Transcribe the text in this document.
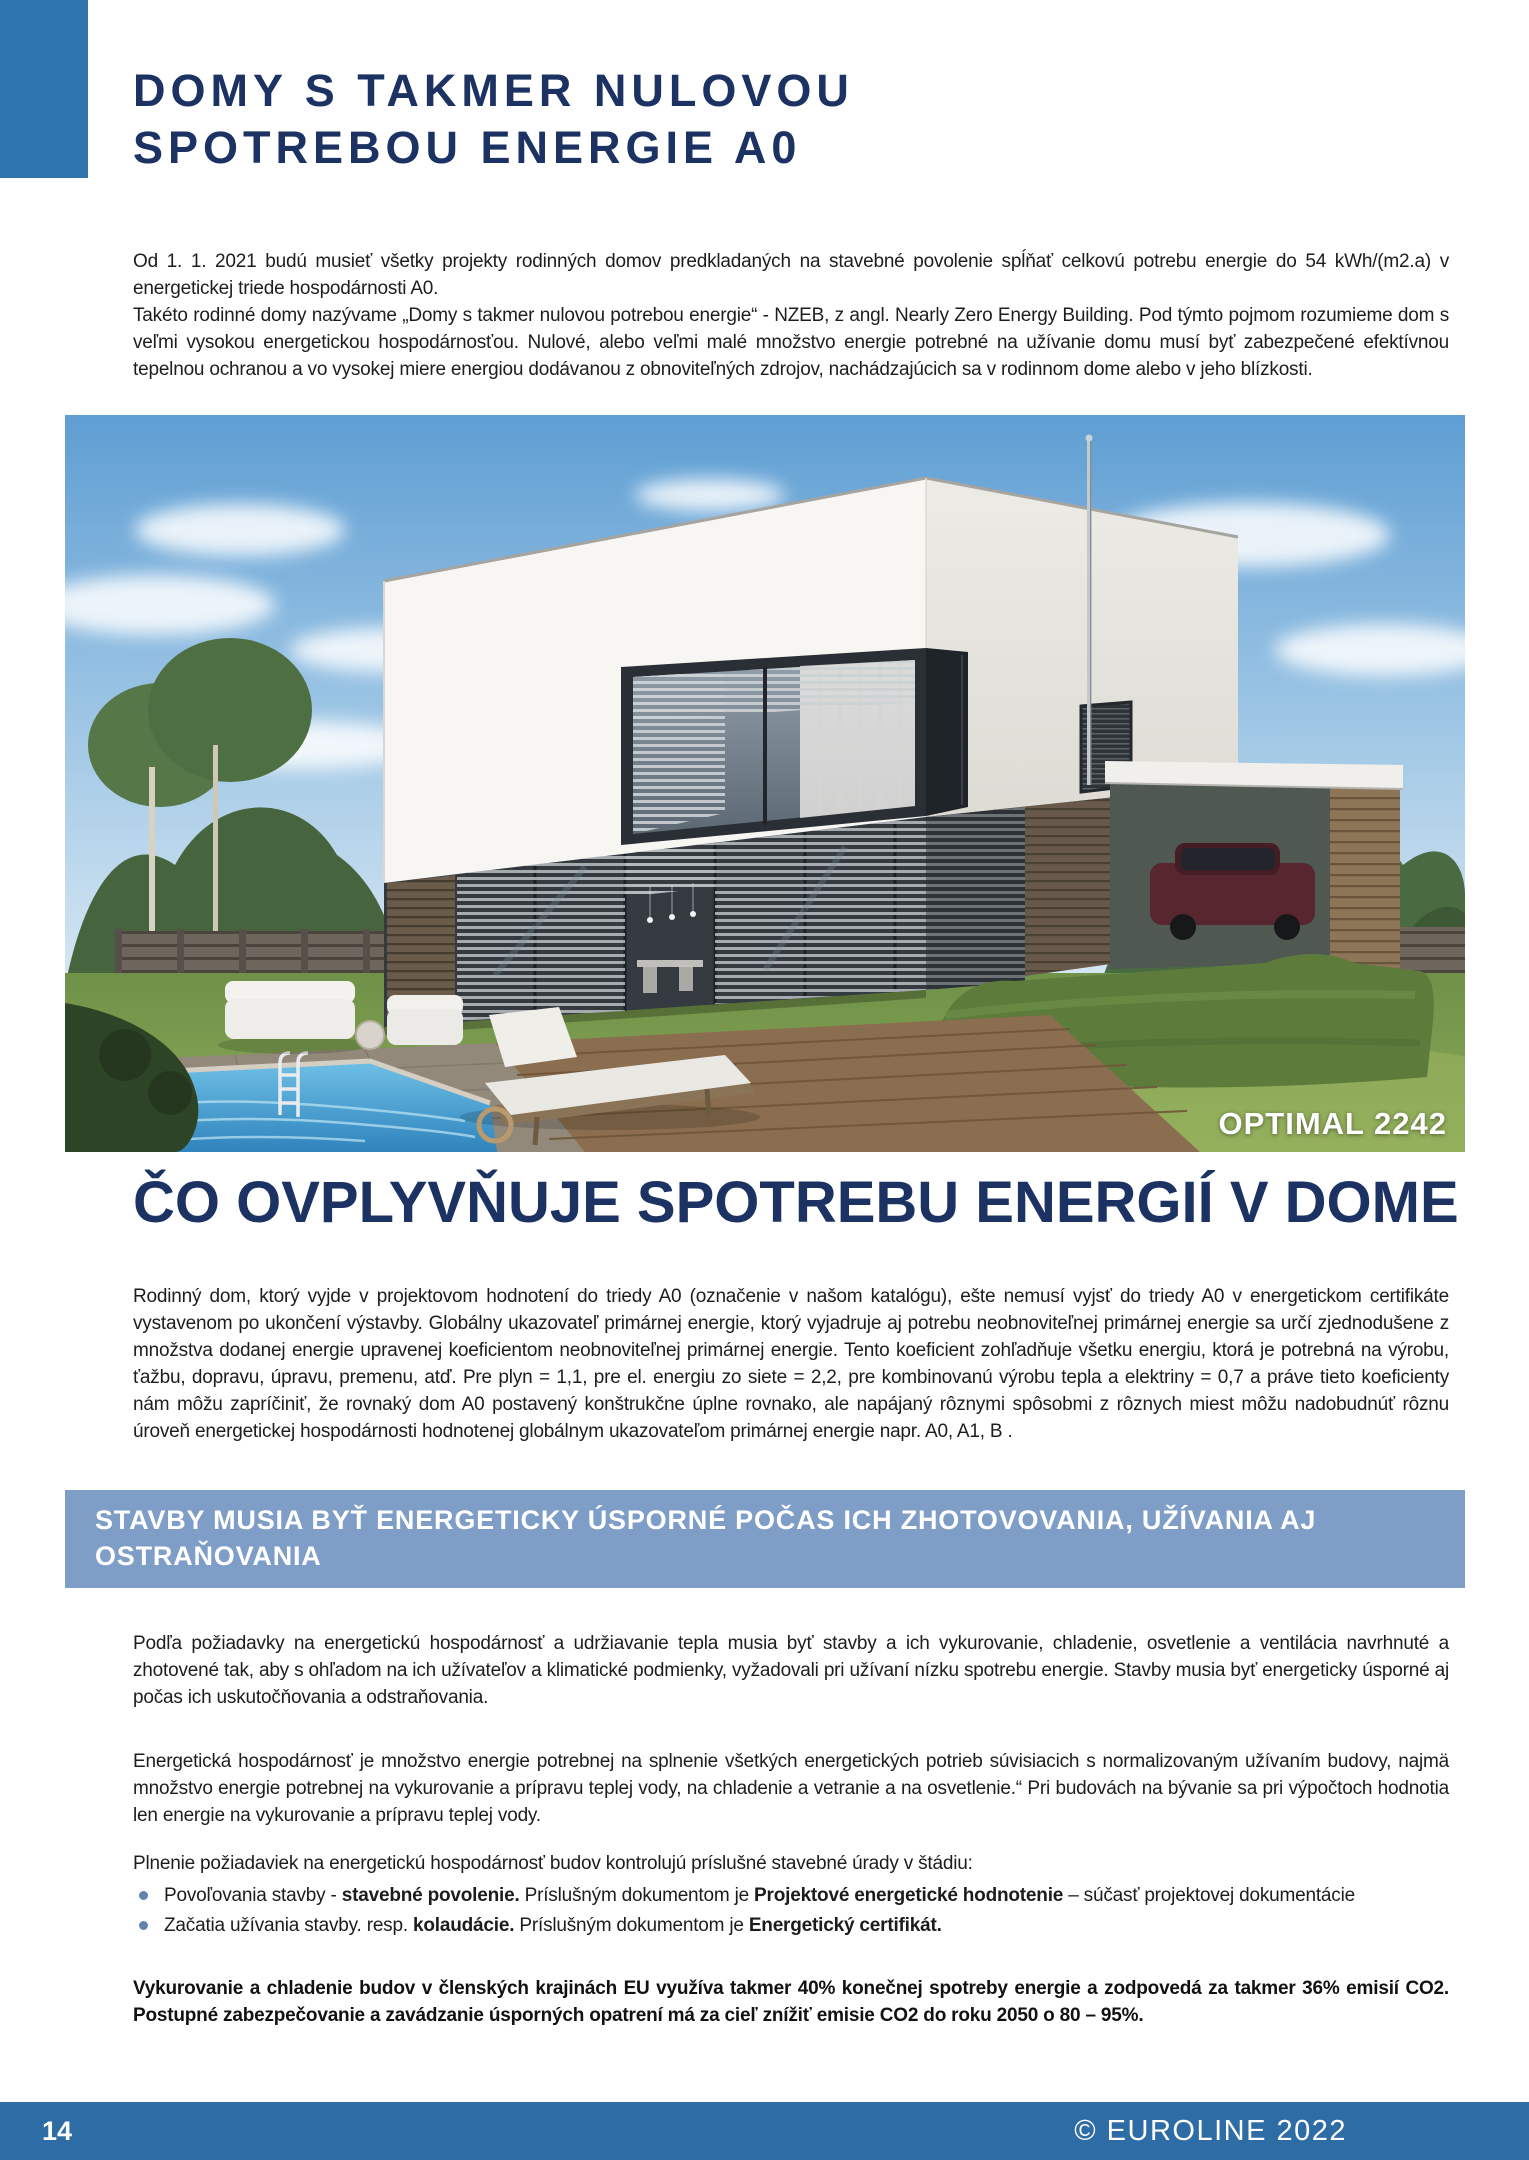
DOMY S TAKMER NULOVOU
SPOTREBOU ENERGIE A0

Od 1. 1. 2021 budú musieť všetky projekty rodinných domov predkladaných na stavebné povolenie spĺňať celkovú potrebu energie do 54 kWh/(m2.a) v energetickej triede hospodárnosti A0.

Takéto rodinné domy nazývame „Domy s takmer nulovou potrebou energie“ - NZEB, z angl. Nearly Zero Energy Building. Pod týmto pojmom rozumieme dom s veľmi vysokou energetickou hospodárnosťou. Nulové, alebo veľmi malé množstvo energie potrebné na užívanie domu musí byť zabezpečené efektívnou tepelnou ochranou a vo vysokej miere energiou dodávanou z obnoviteľných zdrojov, nachádzajúcich sa v rodinnom dome alebo v jeho blízkosti.

OPTIMAL 2242
ČO OVPLYVŇUJE SPOTREBU ENERGIÍ V DOME
Rodinný dom, ktorý vyjde v projektovom hodnotení do triedy A0 (označenie v našom katalógu), ešte nemusí vyjsť do triedy A0 v energetickom certifikáte vystavenom po ukončení výstavby. Globálny ukazovateľ primárnej energie, ktorý vyjadruje aj potrebu neobnoviteľnej primárnej energie sa určí zjednodušene z množstva dodanej energie upravenej koeficientom neobnoviteľnej primárnej energie. Tento koeficient zohľadňuje všetku energiu, ktorá je potrebná na výrobu, ťažbu, dopravu, úpravu, premenu, atď. Pre plyn = 1,1, pre el. energiu zo siete = 2,2, pre kombinovanú výrobu tepla a elektriny = 0,7 a práve tieto koeficienty nám môžu zapríčiniť, že rovnaký dom A0 postavený konštrukčne úplne rovnako, ale napájaný rôznymi spôsobmi z rôznych miest môžu nadobudnúť rôznu úroveň energetickej hospodárnosti hodnotenej globálnym ukazovateľom primárnej energie napr. A0, A1, B .
STAVBY MUSIA BYŤ ENERGETICKY ÚSPORNÉ POČAS ICH ZHOTOVOVANIA, UŽÍVANIA AJ OSTRAŇOVANIA
Podľa požiadavky na energetickú hospodárnosť a udržiavanie tepla musia byť stavby a ich vykurovanie, chladenie, osvetlenie a ventilácia navrhnuté a zhotovené tak, aby s ohľadom na ich užívateľov a klimatické podmienky, vyžadovali pri užívaní nízku spotrebu energie. Stavby musia byť energeticky úsporné aj počas ich uskutočňovania a odstraňovania.
Energetická hospodárnosť je množstvo energie potrebnej na splnenie všetkých energetických potrieb súvisiacich s normalizovaným užívaním budovy, najmä množstvo energie potrebnej na vykurovanie a prípravu teplej vody, na chladenie a vetranie a na osvetlenie.“ Pri budovách na bývanie sa pri výpočtoch hodnotia len energie na vykurovanie a prípravu teplej vody.
Plnenie požiadaviek na energetickú hospodárnosť budov kontrolujú príslušné stavebné úrady v štádiu:
Povoľovania stavby - stavebné povolenie. Príslušným dokumentom je Projektové energetické hodnotenie – súčasť projektovej dokumentácie
Začatia užívania stavby. resp. kolaudácie. Príslušným dokumentom je Energetický certifikát.
Vykurovanie a chladenie budov v členských krajinách EU využíva takmer 40% konečnej spotreby energie a zodpovedá za takmer 36% emisií CO2. Postupné zabezpečovanie a zavádzanie úsporných opatrení má za cieľ znížiť emisie CO2 do roku 2050 o 80 – 95%.
14	© EUROLINE 2022
